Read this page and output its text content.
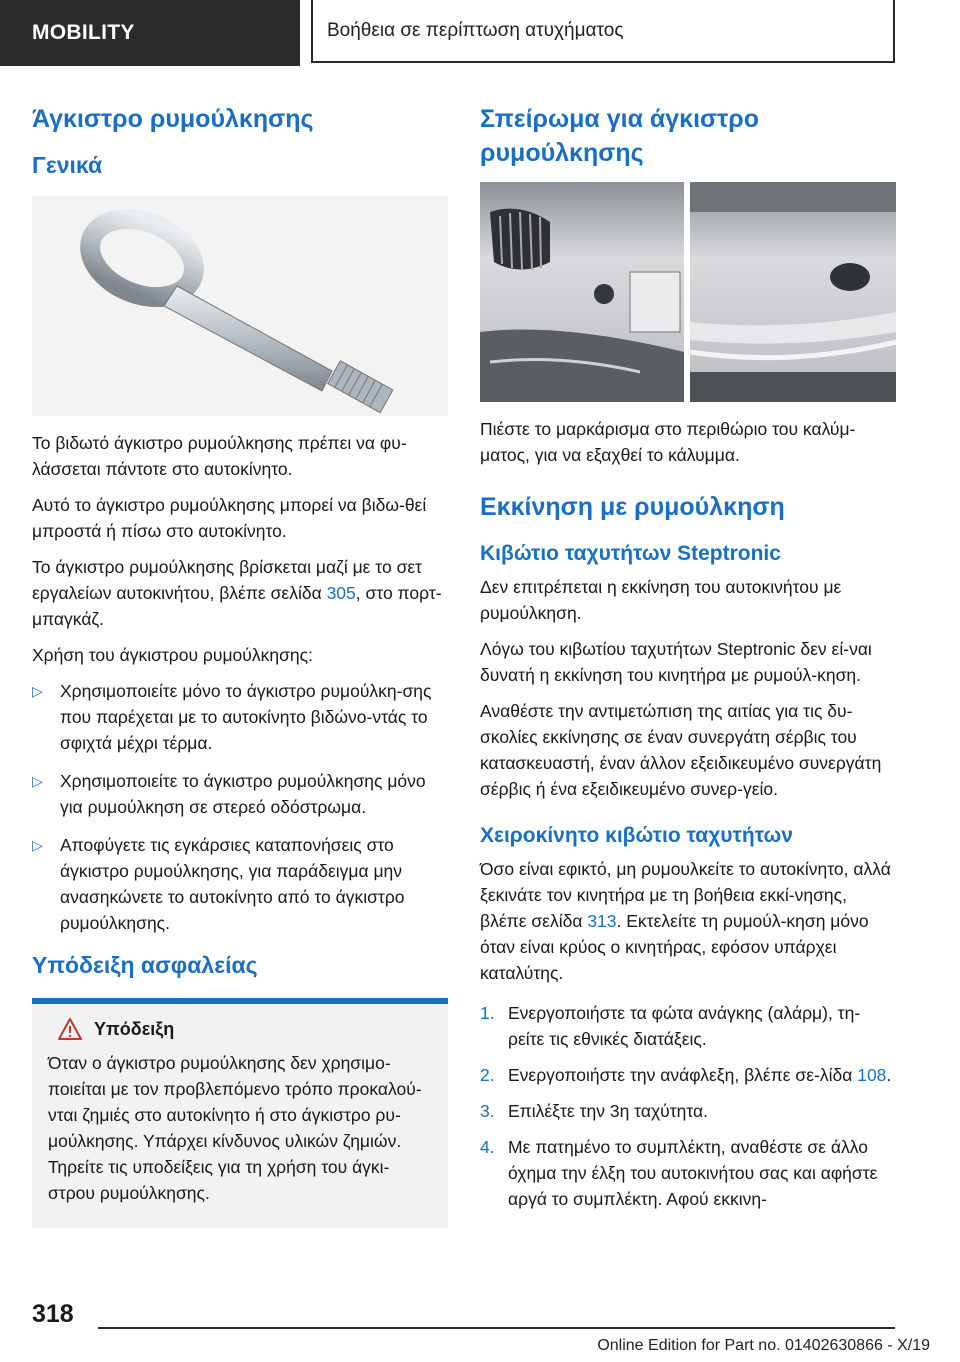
MOBILITY	Βοήθεια σε περίπτωση ατυχήματος
Άγκιστρο ρυμούλκησης
Γενικά

Το βιδωτό άγκιστρο ρυμούλκησης πρέπει να φυ-λάσσεται πάντοτε στο αυτοκίνητο.

Αυτό το άγκιστρο ρυμούλκησης μπορεί να βιδω-θεί μπροστά ή πίσω στο αυτοκίνητο.

Το άγκιστρο ρυμούλκησης βρίσκεται μαζί με το σετ εργαλείων αυτοκινήτου, βλέπε σελίδα 305, στο πορτ-μπαγκάζ.

Χρήση του άγκιστρου ρυμούλκησης:

▷ Χρησιμοποιείτε μόνο το άγκιστρο ρυμούλκη-σης που παρέχεται με το αυτοκίνητο βιδώνο-ντάς το σφιχτά μέχρι τέρμα.
▷ Χρησιμοποιείτε το άγκιστρο ρυμούλκησης μόνο για ρυμούλκηση σε στερεό οδόστρωμα.
▷ Αποφύγετε τις εγκάρσιες καταπονήσεις στο άγκιστρο ρυμούλκησης, για παράδειγμα μην ανασηκώνετε το αυτοκίνητο από το άγκιστρο ρυμούλκησης.
Υπόδειξη ασφαλείας
Υπόδειξη

Όταν ο άγκιστρο ρυμούλκησης δεν χρησιμο-ποιείται με τον προβλεπόμενο τρόπο προκαλού-νται ζημιές στο αυτοκίνητο ή στο άγκιστρο ρυ-μούλκησης. Υπάρχει κίνδυνος υλικών ζημιών. Τηρείτε τις υποδείξεις για τη χρήση του άγκι-στρου ρυμούλκησης.

Σπείρωμα για άγκιστρο ρυμούλκησης

Πιέστε το μαρκάρισμα στο περιθώριο του καλύμ-ματος, για να εξαχθεί το κάλυμμα.

Εκκίνηση με ρυμούλκηση
Κιβώτιο ταχυτήτων Steptronic

Δεν επιτρέπεται η εκκίνηση του αυτοκινήτου με ρυμούλκηση.

Λόγω του κιβωτίου ταχυτήτων Steptronic δεν εί-ναι δυνατή η εκκίνηση του κινητήρα με ρυμούλ-κηση.

Αναθέστε την αντιμετώπιση της αιτίας για τις δυ-σκολίες εκκίνησης σε έναν συνεργάτη σέρβις του κατασκευαστή, έναν άλλον εξειδικευμένο συνεργάτη σέρβις ή ένα εξειδικευμένο συνερ-γείο.

Χειροκίνητο κιβώτιο ταχυτήτων

Όσο είναι εφικτό, μη ρυμουλκείτε το αυτοκίνητο, αλλά ξεκινάτε τον κινητήρα με τη βοήθεια εκκί-νησης, βλέπε σελίδα 313. Εκτελείτε τη ρυμούλ-κηση μόνο όταν είναι κρύος ο κινητήρας, εφόσον υπάρχει καταλύτης.

1. Ενεργοποιήστε τα φώτα ανάγκης (αλάρμ), τη-ρείτε τις εθνικές διατάξεις.
2. Ενεργοποιήστε την ανάφλεξη, βλέπε σε-λίδα 108.
3. Επιλέξτε την 3η ταχύτητα.
4. Με πατημένο το συμπλέκτη, αναθέστε σε άλλο όχημα την έλξη του αυτοκινήτου σας και αφήστε αργά το συμπλέκτη. Αφού εκκινη-
318
Online Edition for Part no. 01402630866 - X/19
